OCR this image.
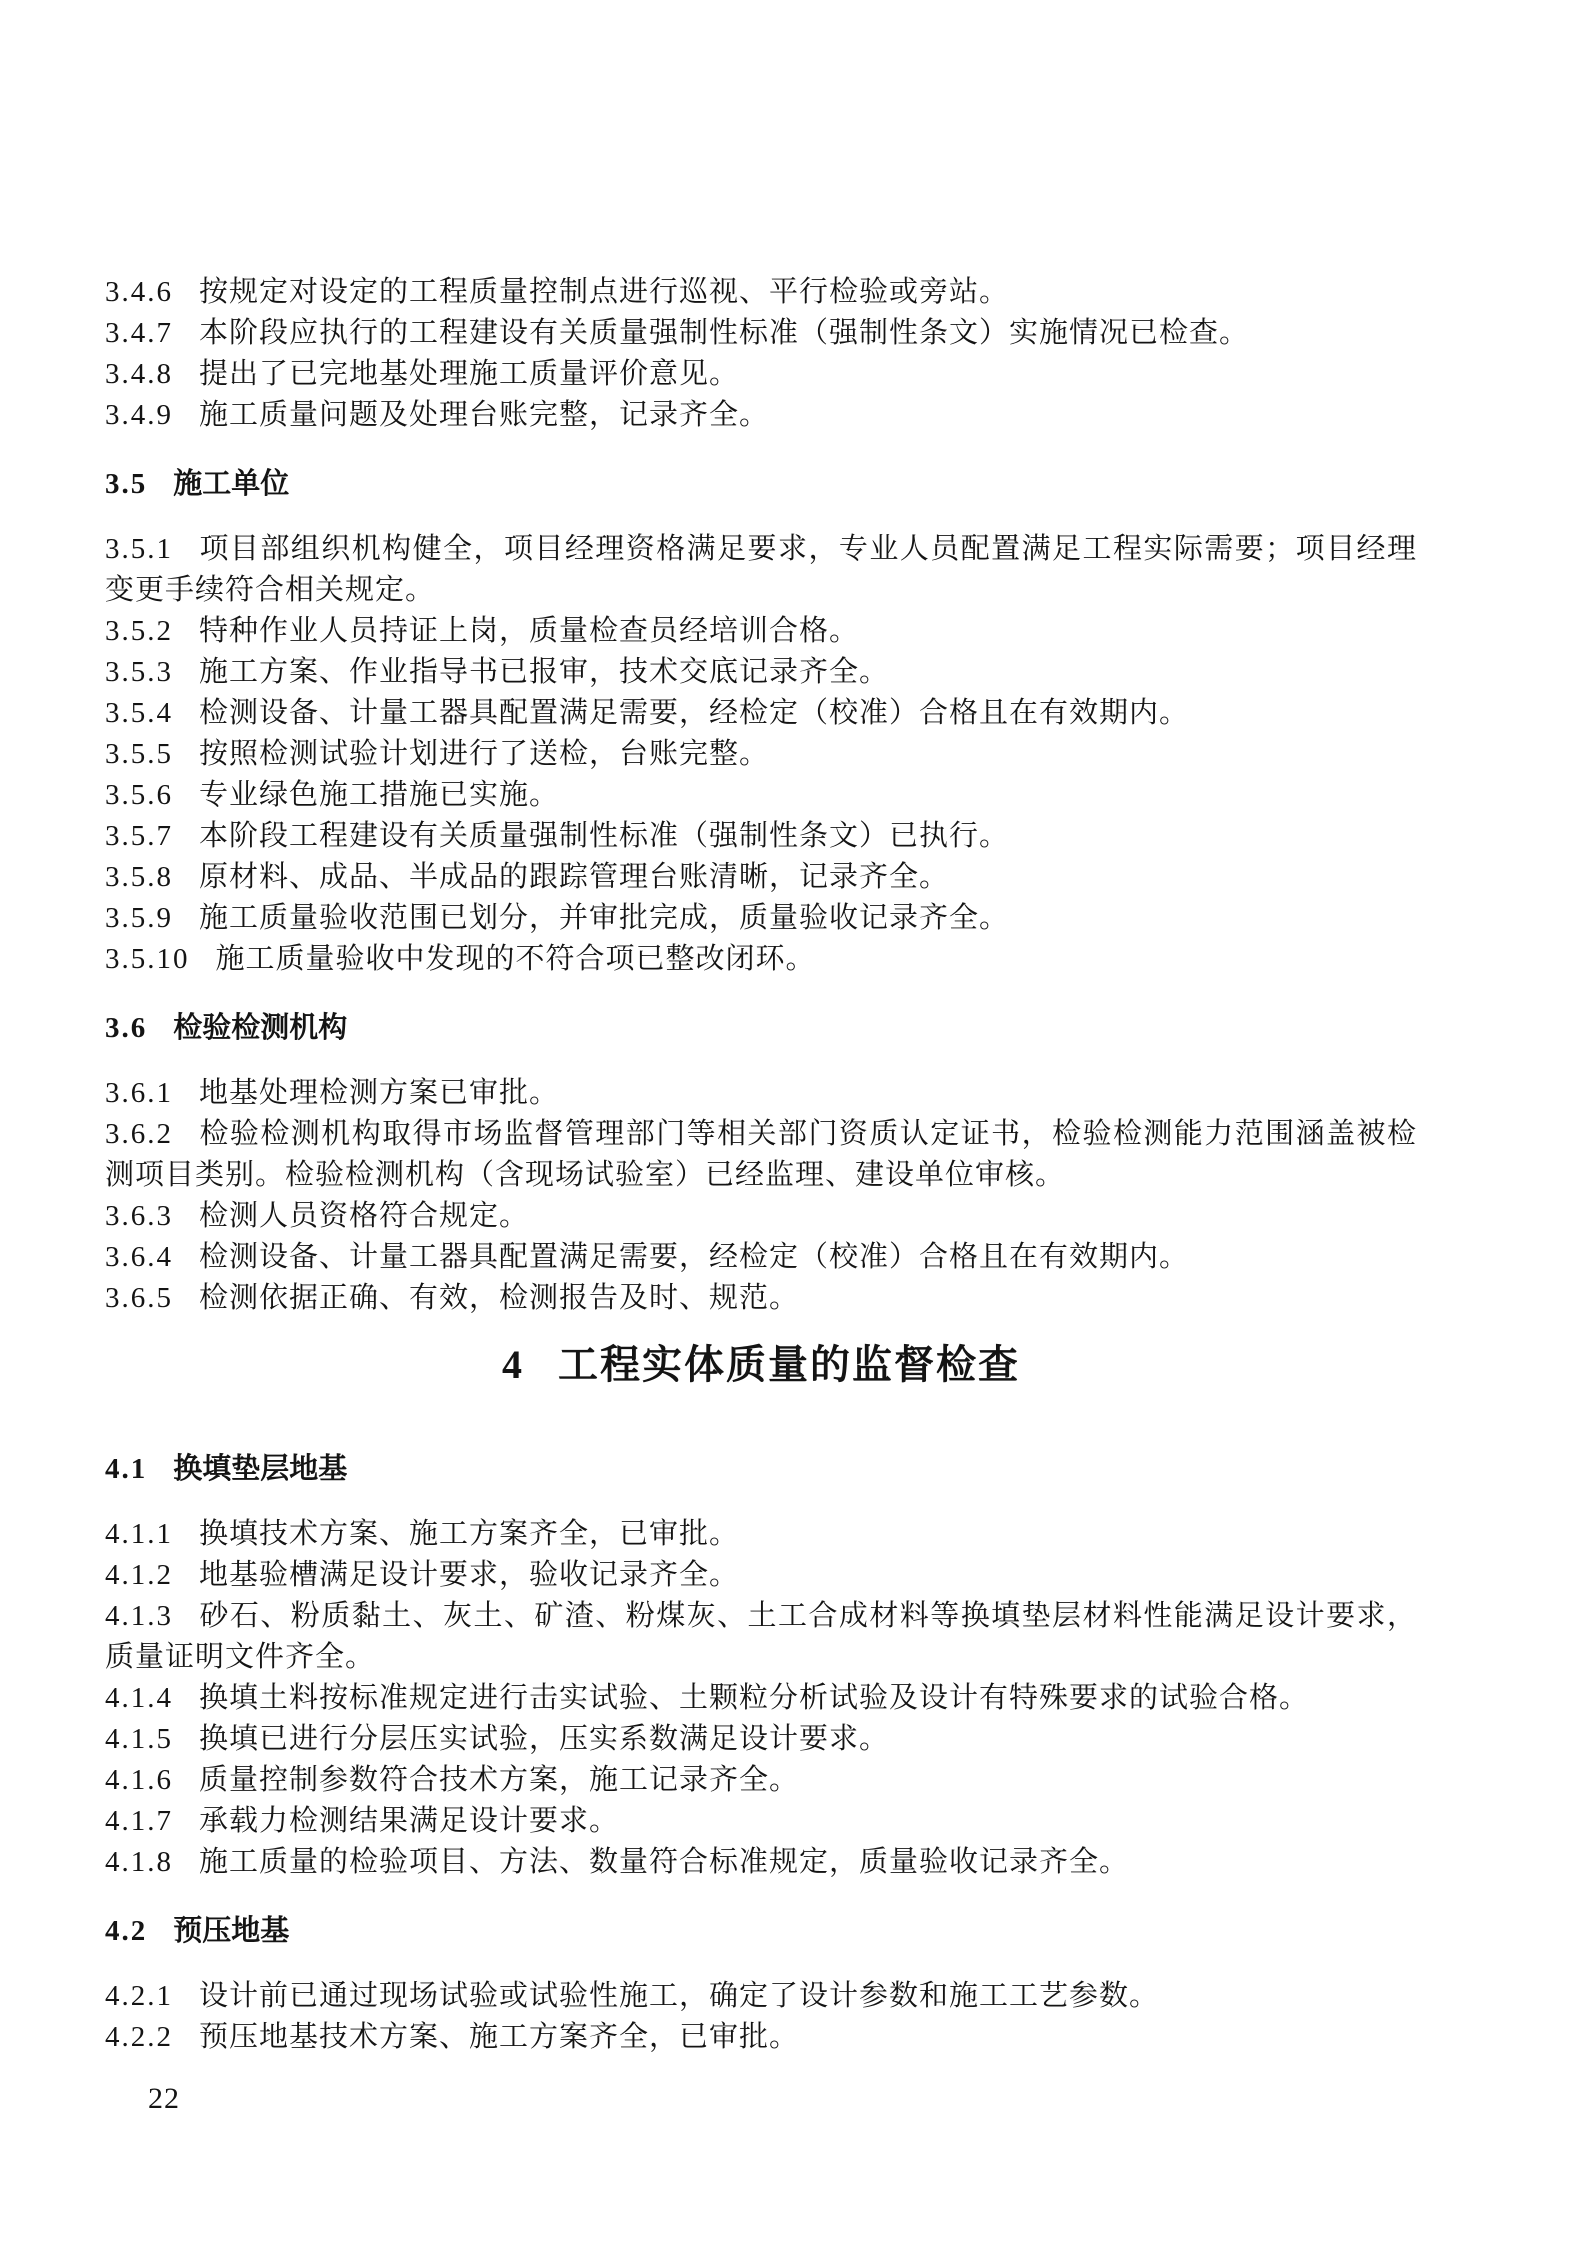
3.4.6 按规定对设定的工程质量控制点进行巡视、平行检验或旁站。

3.4.7 本阶段应执行的工程建设有关质量强制性标准（强制性条文）实施情况已检查。

3.4.8 提出了已完地基处理施工质量评价意见。

3.4.9 施工质量问题及处理台账完整，记录齐全。

3.5 施工单位

3.5.1 项目部组织机构健全，项目经理资格满足要求，专业人员配置满足工程实际需要；项目经理变更手续符合相关规定。

3.5.2 特种作业人员持证上岗，质量检查员经培训合格。

3.5.3 施工方案、作业指导书已报审，技术交底记录齐全。

3.5.4 检测设备、计量工器具配置满足需要，经检定（校准）合格且在有效期内。

3.5.5 按照检测试验计划进行了送检，台账完整。

3.5.6 专业绿色施工措施已实施。

3.5.7 本阶段工程建设有关质量强制性标准（强制性条文）已执行。

3.5.8 原材料、成品、半成品的跟踪管理台账清晰，记录齐全。

3.5.9 施工质量验收范围已划分，并审批完成，质量验收记录齐全。

3.5.10 施工质量验收中发现的不符合项已整改闭环。

3.6 检验检测机构

3.6.1 地基处理检测方案已审批。

3.6.2 检验检测机构取得市场监督管理部门等相关部门资质认定证书，检验检测能力范围涵盖被检测项目类别。检验检测机构（含现场试验室）已经监理、建设单位审核。

3.6.3 检测人员资格符合规定。

3.6.4 检测设备、计量工器具配置满足需要，经检定（校准）合格且在有效期内。

3.6.5 检测依据正确、有效，检测报告及时、规范。

4 工程实体质量的监督检查
4.1 换填垫层地基

4.1.1 换填技术方案、施工方案齐全，已审批。

4.1.2 地基验槽满足设计要求，验收记录齐全。

4.1.3 砂石、粉质黏土、灰土、矿渣、粉煤灰、土工合成材料等换填垫层材料性能满足设计要求，质量证明文件齐全。

4.1.4 换填土料按标准规定进行击实试验、土颗粒分析试验及设计有特殊要求的试验合格。

4.1.5 换填已进行分层压实试验，压实系数满足设计要求。

4.1.6 质量控制参数符合技术方案，施工记录齐全。

4.1.7 承载力检测结果满足设计要求。

4.1.8 施工质量的检验项目、方法、数量符合标准规定，质量验收记录齐全。

4.2 预压地基

4.2.1 设计前已通过现场试验或试验性施工，确定了设计参数和施工工艺参数。

4.2.2 预压地基技术方案、施工方案齐全，已审批。

22
